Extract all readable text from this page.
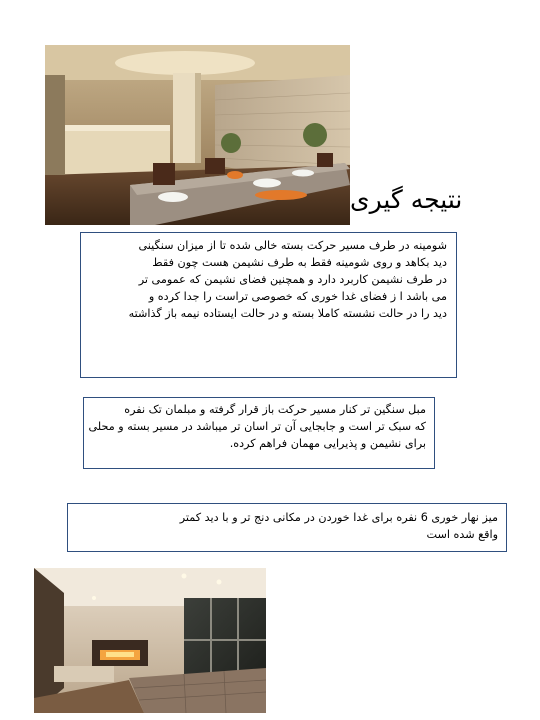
نتیجه گیری
شومینه در طرف مسیر حرکت بسته خالی شده تا از میزان سنگینی
دید بکاهد و روی شومینه فقط به طرف نشیمن هست چون فقط
در طرف نشیمن کاربرد دارد و همچنین فضای نشیمن که عمومی تر
می باشد ا ز فضای غدا خوری که خصوصی تراست را جدا کرده و
دید را در حالت نشسته کاملا بسته و در حالت ایستاده نیمه باز گذاشته
مبل سنگین تر کنار مسیر حرکت باز قرار گرفته و مبلمان تک نفره
که سبک تر است و جابجایی آن تر اسان تر میباشد در مسیر بسته و محلی
برای نشیمن و پذیرایی مهمان فراهم کرده.
میز نهار خوری 6 نفره برای غدا خوردن در مکانی دنج تر و با دید کمتر
واقع شده است
